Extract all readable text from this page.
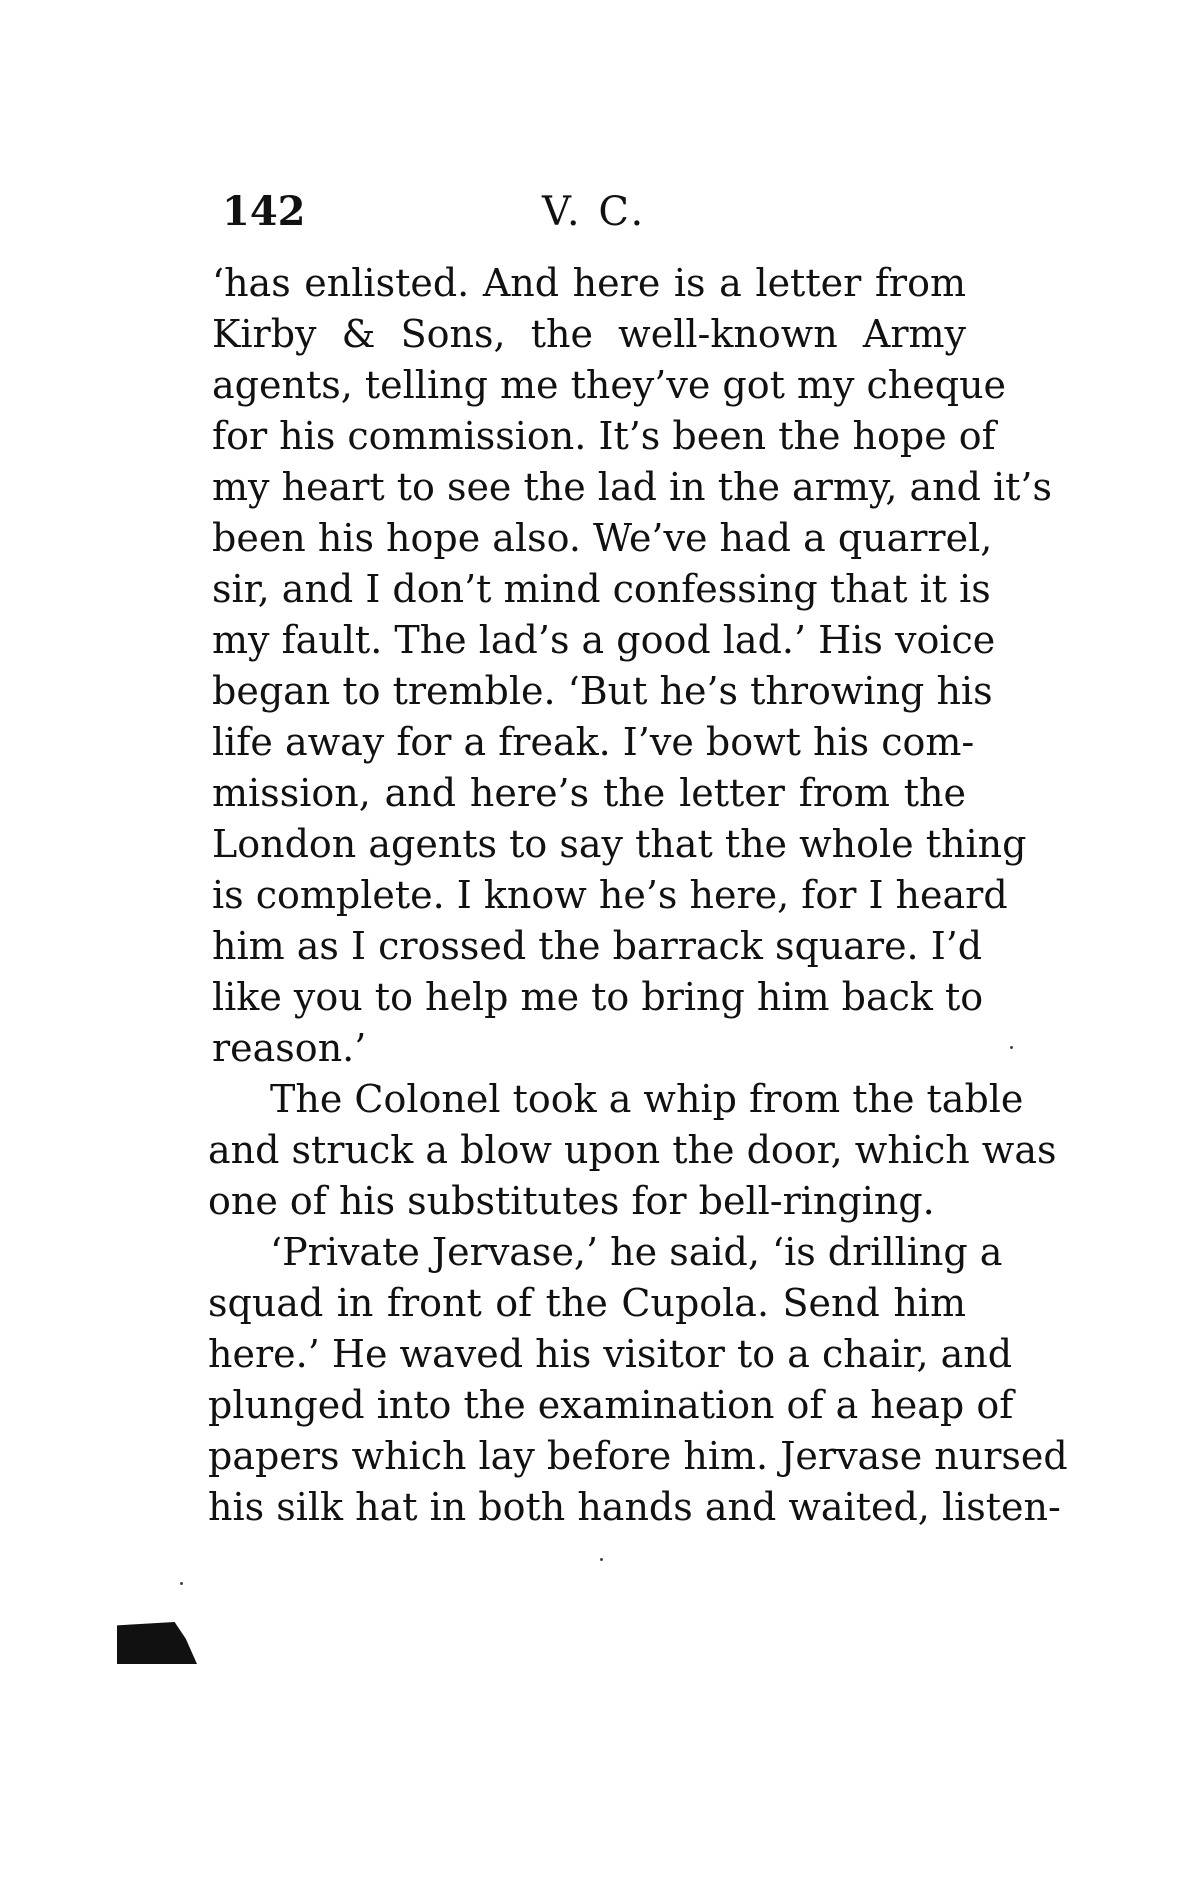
142	V. C.
‘has enlisted. And here is a letter from
Kirby & Sons, the well-known Army
agents, telling me they’ve got my cheque
for his commission. It’s been the hope of
my heart to see the lad in the army, and it’s
been his hope also. We’ve had a quarrel,
sir, and I don’t mind confessing that it is
my fault. The lad’s a good lad.’ His voice
began to tremble. ‘But he’s throwing his
life away for a freak. I’ve bowt his com-
mission, and here’s the letter from the
London agents to say that the whole thing
is complete. I know he’s here, for I heard
him as I crossed the barrack square. I’d
like you to help me to bring him back to
reason.’
The Colonel took a whip from the table
and struck a blow upon the door, which was
one of his substitutes for bell-ringing.
‘Private Jervase,’ he said, ‘is drilling a
squad in front of the Cupola. Send him
here.’ He waved his visitor to a chair, and
plunged into the examination of a heap of
papers which lay before him. Jervase nursed
his silk hat in both hands and waited, listen-
